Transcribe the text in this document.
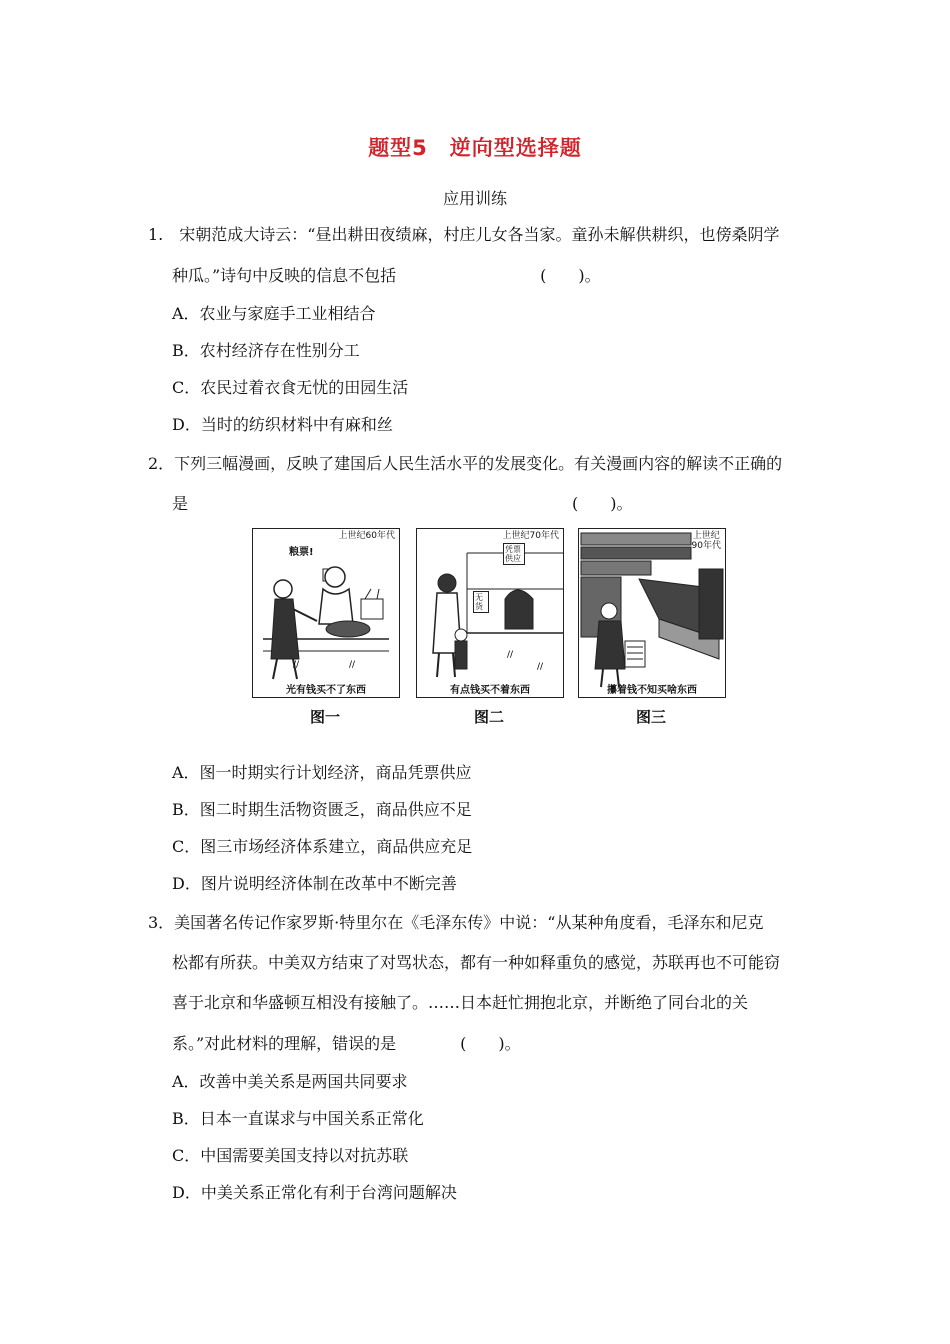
题型5　逆向型选择题
应用训练
1.　宋朝范成大诗云：“昼出耕田夜绩麻，村庄儿女各当家。童孙未解供耕织，也傍桑阴学
种瓜。”诗句中反映的信息不包括　　　　　　　　　(　　)。
A．农业与家庭手工业相结合
B．农村经济存在性别分工
C．农民过着衣食无忧的田园生活
D．当时的纺织材料中有麻和丝
2．下列三幅漫画，反映了建国后人民生活水平的发展变化。有关漫画内容的解读不正确的
是　　　　　　　　　　　　　　　　　　　　　　　　(　　)。
//	//
上世纪60年代
粮票!
光有钱买不了东西
//
//
上世纪70年代
凭票供应
无货
有点钱买不着东西
上世纪
90年代
攥着钱不知买啥东西
图一	图二	图三
A．图一时期实行计划经济，商品凭票供应
B．图二时期生活物资匮乏，商品供应不足
C．图三市场经济体系建立，商品供应充足
D．图片说明经济体制在改革中不断完善
3．美国著名传记作家罗斯·特里尔在《毛泽东传》中说：“从某种角度看，毛泽东和尼克
松都有所获。中美双方结束了对骂状态，都有一种如释重负的感觉，苏联再也不可能窃
喜于北京和华盛顿互相没有接触了。……日本赶忙拥抱北京，并断绝了同台北的关
系。”对此材料的理解，错误的是　　　　(　　)。
A．改善中美关系是两国共同要求
B．日本一直谋求与中国关系正常化
C．中国需要美国支持以对抗苏联
D．中美关系正常化有利于台湾问题解决
